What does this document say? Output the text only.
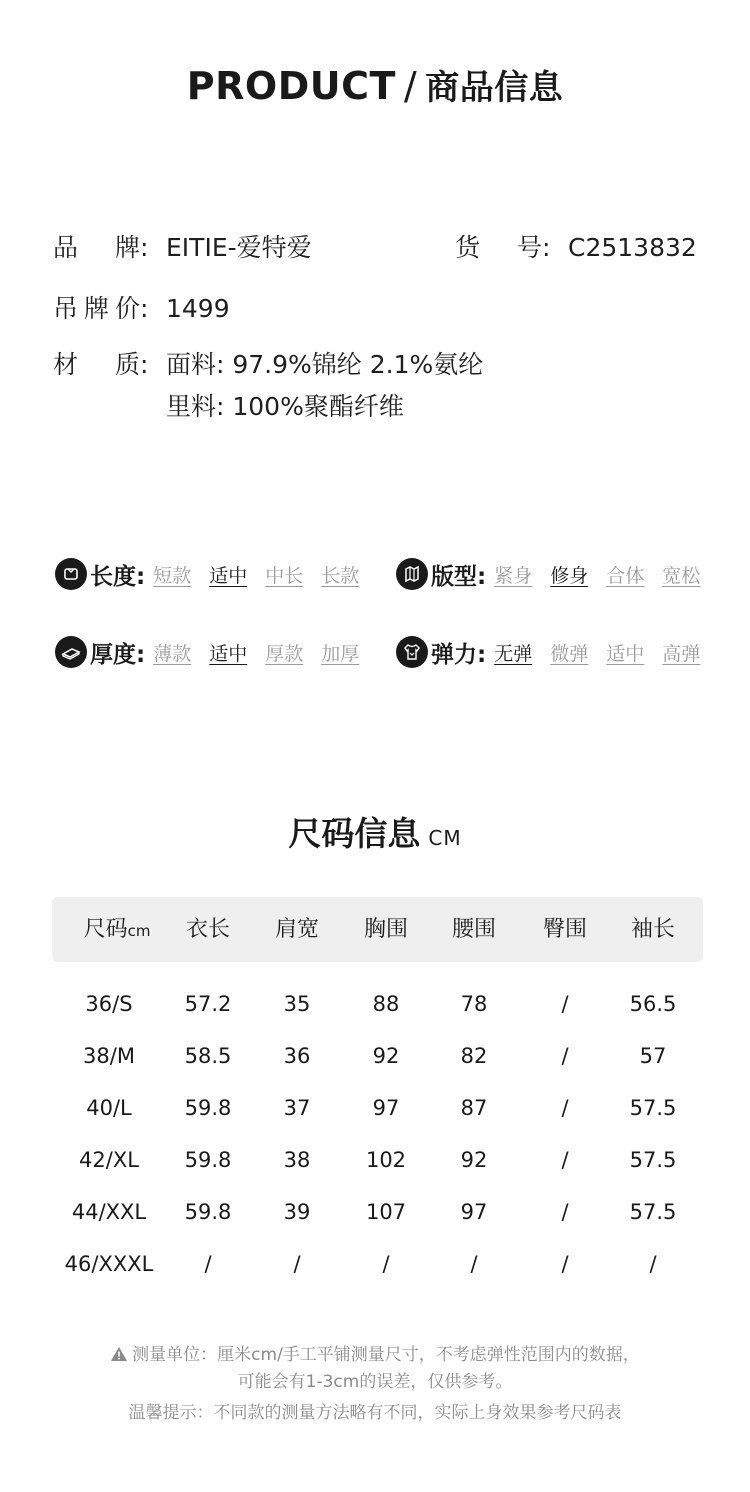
PRODUCT / 商品信息
品牌: EITIE-爱特爱	货号: C2513832
吊牌价: 1499
材质: 面料: 97.9%锦纶 2.1%氨纶
里料: 100%聚酯纤维
长度: 短款 适中 中长 长款	版型: 紧身 修身 合体 宽松
厚度: 薄款 适中 厚款 加厚	弹力: 无弹 微弹 适中 高弹
尺码信息 CM
尺码cm	衣长	肩宽	胸围	腰围	臀围	袖长
36/S	57.2	35	88	78	/	56.5
38/M	58.5	36	92	82	/	57
40/L	59.8	37	97	87	/	57.5
42/XL	59.8	38	102	92	/	57.5
44/XXL	59.8	39	107	97	/	57.5
46/XXXL	/	/	/	/	/	/
测量单位：厘米cm/手工平铺测量尺寸，不考虑弹性范围内的数据，
可能会有1-3cm的误差，仅供参考。
温馨提示：不同款的测量方法略有不同，实际上身效果参考尺码表
